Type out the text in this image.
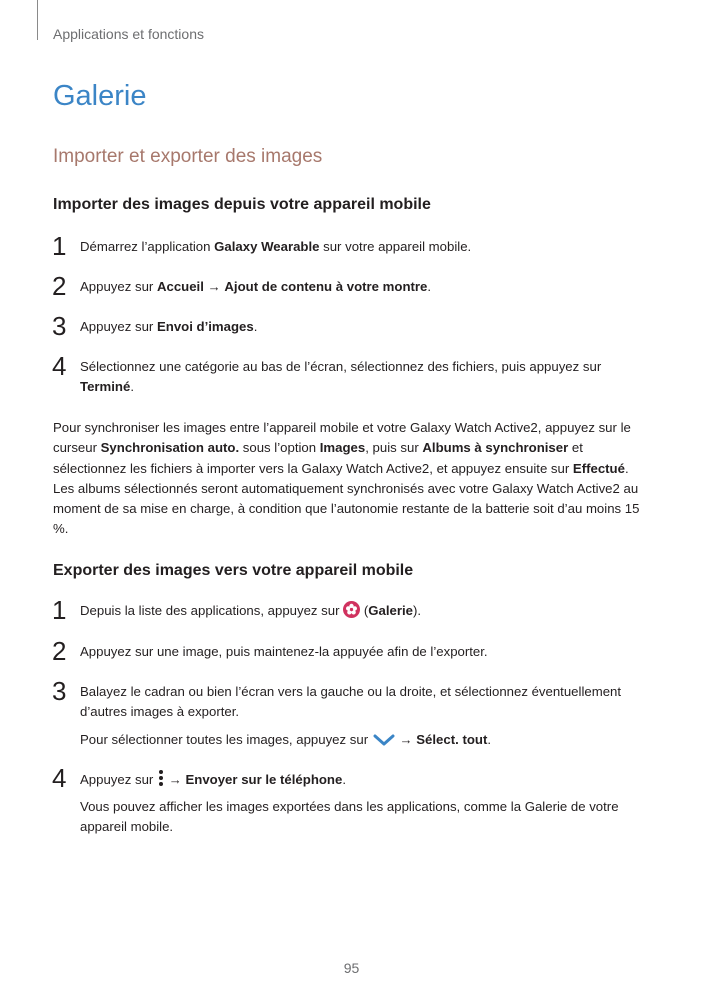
Applications et fonctions
Galerie
Importer et exporter des images
Importer des images depuis votre appareil mobile
1 Démarrez l’application Galaxy Wearable sur votre appareil mobile.
2 Appuyez sur Accueil → Ajout de contenu à votre montre.
3 Appuyez sur Envoi d’images.
4 Sélectionnez une catégorie au bas de l’écran, sélectionnez des fichiers, puis appuyez sur Terminé.
Pour synchroniser les images entre l’appareil mobile et votre Galaxy Watch Active2, appuyez sur le curseur Synchronisation auto. sous l’option Images, puis sur Albums à synchroniser et sélectionnez les fichiers à importer vers la Galaxy Watch Active2, et appuyez ensuite sur Effectué. Les albums sélectionnés seront automatiquement synchronisés avec votre Galaxy Watch Active2 au moment de sa mise en charge, à condition que l’autonomie restante de la batterie soit d’au moins 15 %.
Exporter des images vers votre appareil mobile
1 Depuis la liste des applications, appuyez sur  (Galerie).
2 Appuyez sur une image, puis maintenez-la appuyée afin de l’exporter.
3 Balayez le cadran ou bien l’écran vers la gauche ou la droite, et sélectionnez éventuellement d’autres images à exporter.
Pour sélectionner toutes les images, appuyez sur  → Sélect. tout.
4 Appuyez sur  → Envoyer sur le téléphone.
Vous pouvez afficher les images exportées dans les applications, comme la Galerie de votre appareil mobile.
95
